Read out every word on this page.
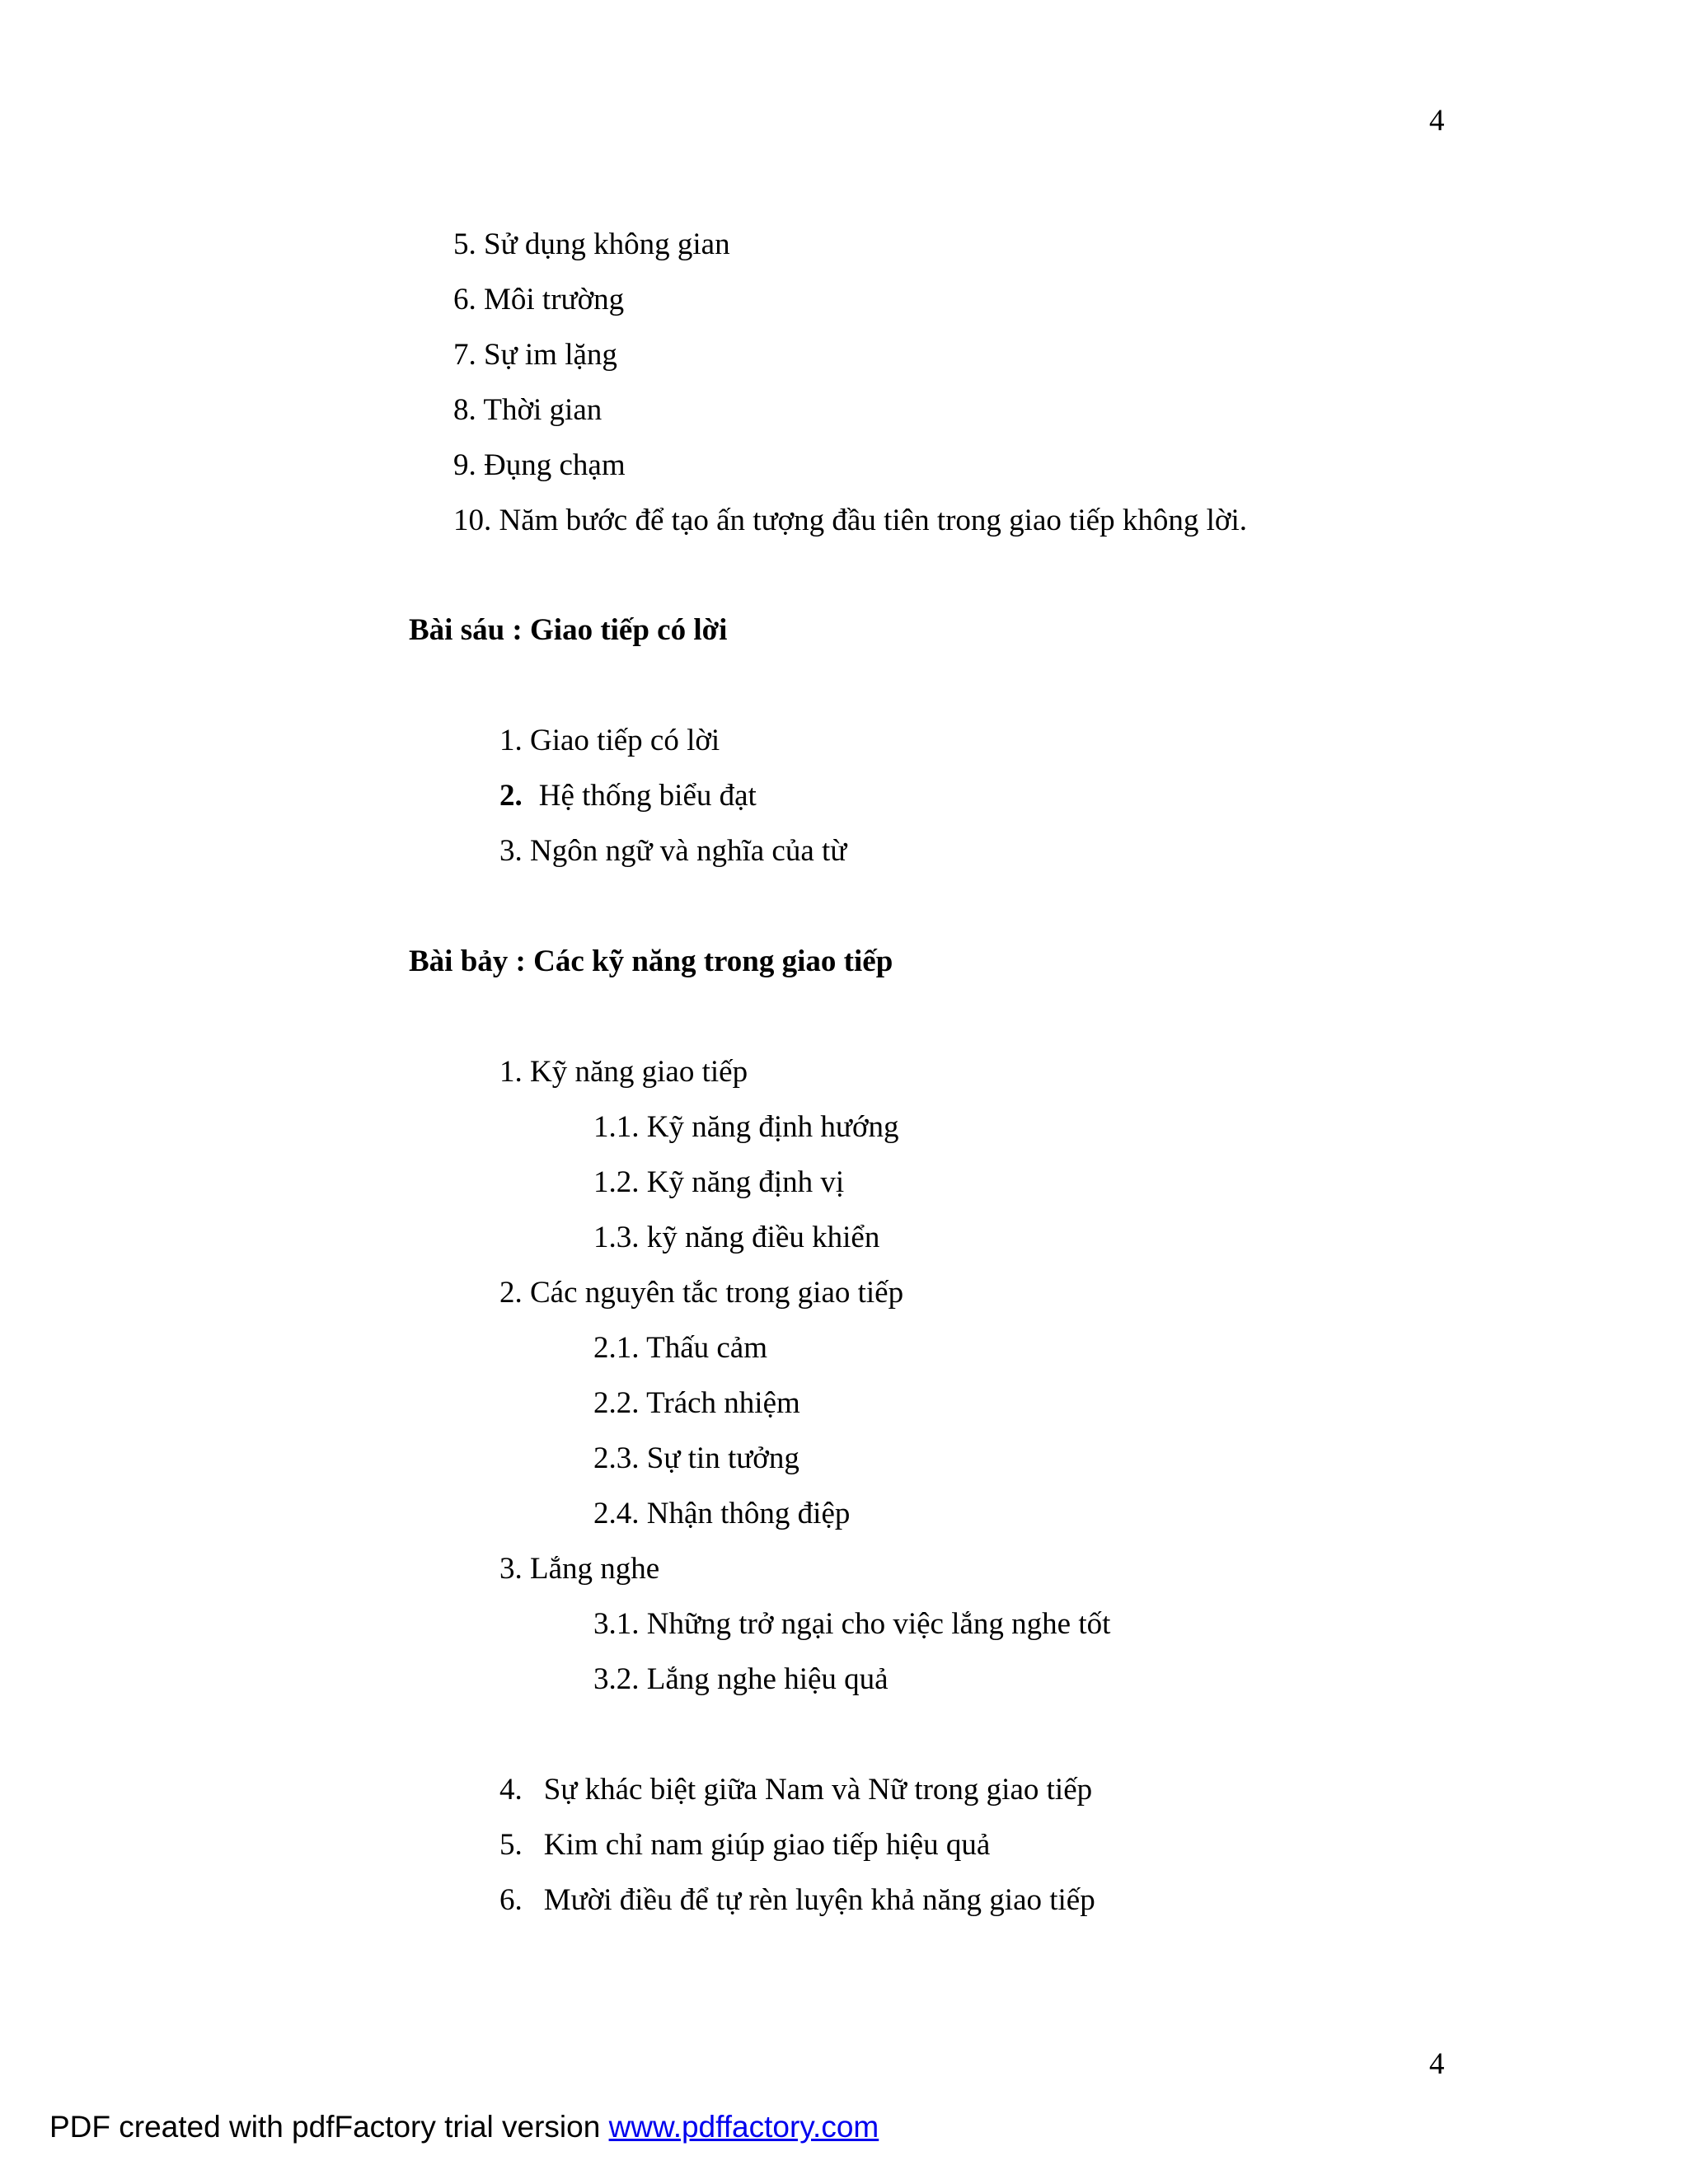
4
5. Sử dụng không gian
6. Môi trường
7. Sự im lặng
8. Thời gian
9. Đụng chạm
10. Năm bước để tạo ấn tượng đầu tiên trong giao tiếp không lời.
Bài sáu : Giao tiếp có lời
1. Giao tiếp có lời
2. Hệ thống biểu đạt
3. Ngôn ngữ và nghĩa của từ
Bài bảy : Các kỹ năng trong giao tiếp
1. Kỹ năng giao tiếp
1.1. Kỹ năng định hướng
1.2. Kỹ năng định vị
1.3. kỹ năng điều khiển
2. Các nguyên tắc trong giao tiếp
2.1. Thấu cảm
2.2. Trách nhiệm
2.3. Sự tin tưởng
2.4. Nhận thông điệp
3. Lắng nghe
3.1. Những trở ngại cho việc lắng nghe tốt
3.2. Lắng nghe hiệu quả
4. Sự khác biệt giữa Nam và Nữ trong giao tiếp
5. Kim chỉ nam giúp giao tiếp hiệu quả
6. Mười điều để tự rèn luyện khả năng giao tiếp
4
PDF created with pdfFactory trial version www.pdffactory.com
